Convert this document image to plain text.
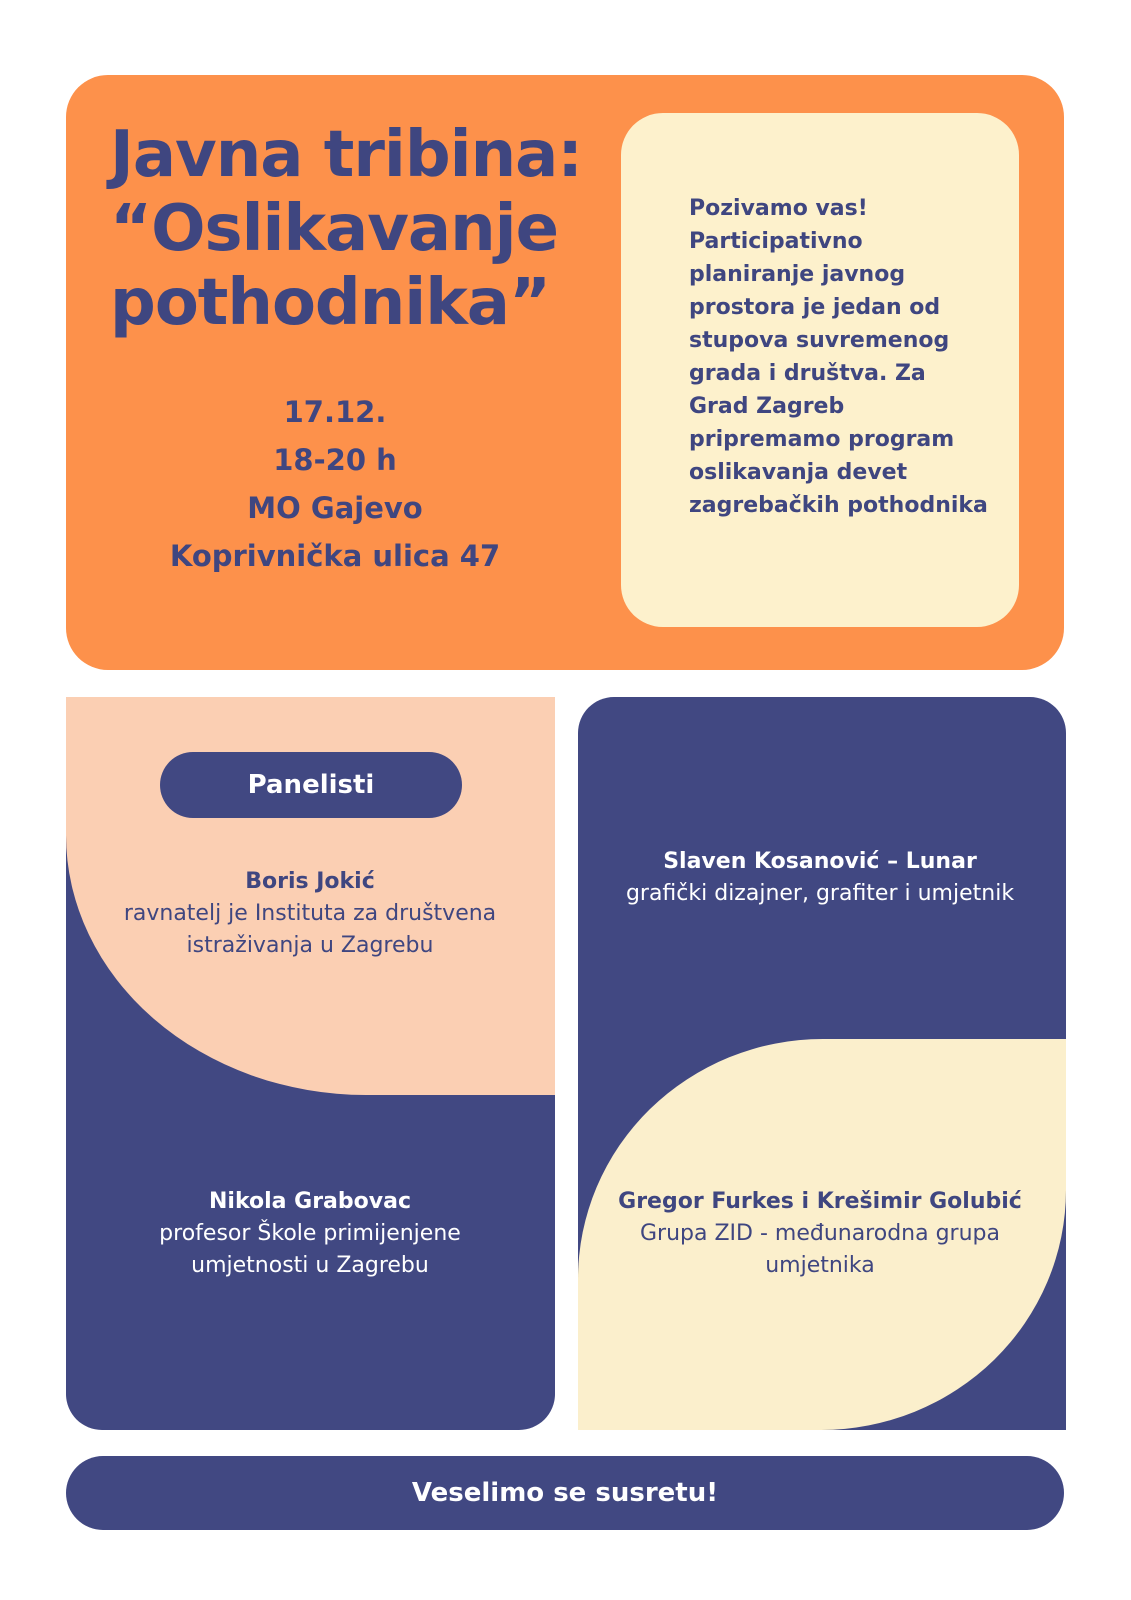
Javna tribina:
“Oslikavanje
pothodnika”
17.12.
18-20 h
MO Gajevo
Koprivnička ulica 47
Pozivamo vas! Participativno planiranje javnog prostora je jedan od stupova suvremenog grada i društva. Za Grad Zagreb pripremamo program oslikavanja devet zagrebačkih pothodnika
Panelisti
Boris Jokić
ravnatelj je Instituta za društvena istraživanja u Zagrebu
Slaven Kosanović – Lunar
grafički dizajner, grafiter i umjetnik
Nikola Grabovac
profesor Škole primijenjene umjetnosti u Zagrebu
Gregor Furkes i Krešimir Golubić
Grupa ZID - međunarodna grupa umjetnika
Veselimo se susretu!
